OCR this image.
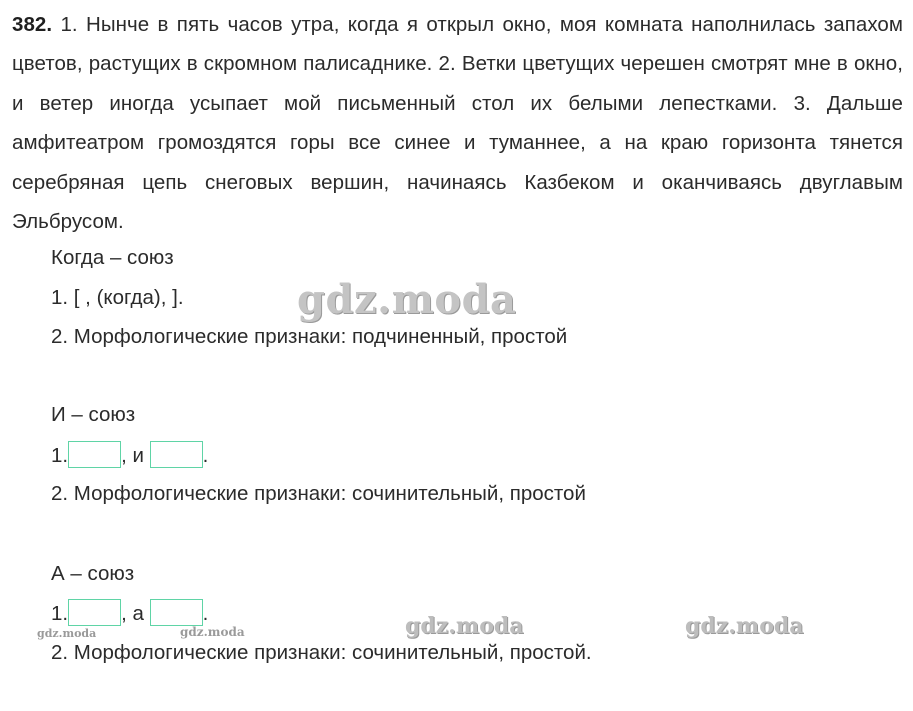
382. 1. Нынче в пять часов утра, когда я открыл окно, моя комната наполнилась запахом цветов, растущих в скромном палисаднике. 2. Ветки цветущих черешен смотрят мне в окно, и ветер иногда усыпает мой письменный стол их белыми лепестками. 3. Дальше амфитеатром громоздятся горы все синее и туманнее, а на краю горизонта тянется серебряная цепь снеговых вершин, начинаясь Казбеком и оканчиваясь двуглавым Эльбрусом.
Когда – союз
1. [ , (когда), ].
2. Морфологические признаки: подчиненный, простой
И – союз
1.	, и	.
2. Морфологические признаки: сочинительный, простой
А – союз
1.	, а	.
2. Морфологические признаки: сочинительный, простой.
gdz.moda
gdz.moda	gdz.moda
gdz.moda	gdz.moda
